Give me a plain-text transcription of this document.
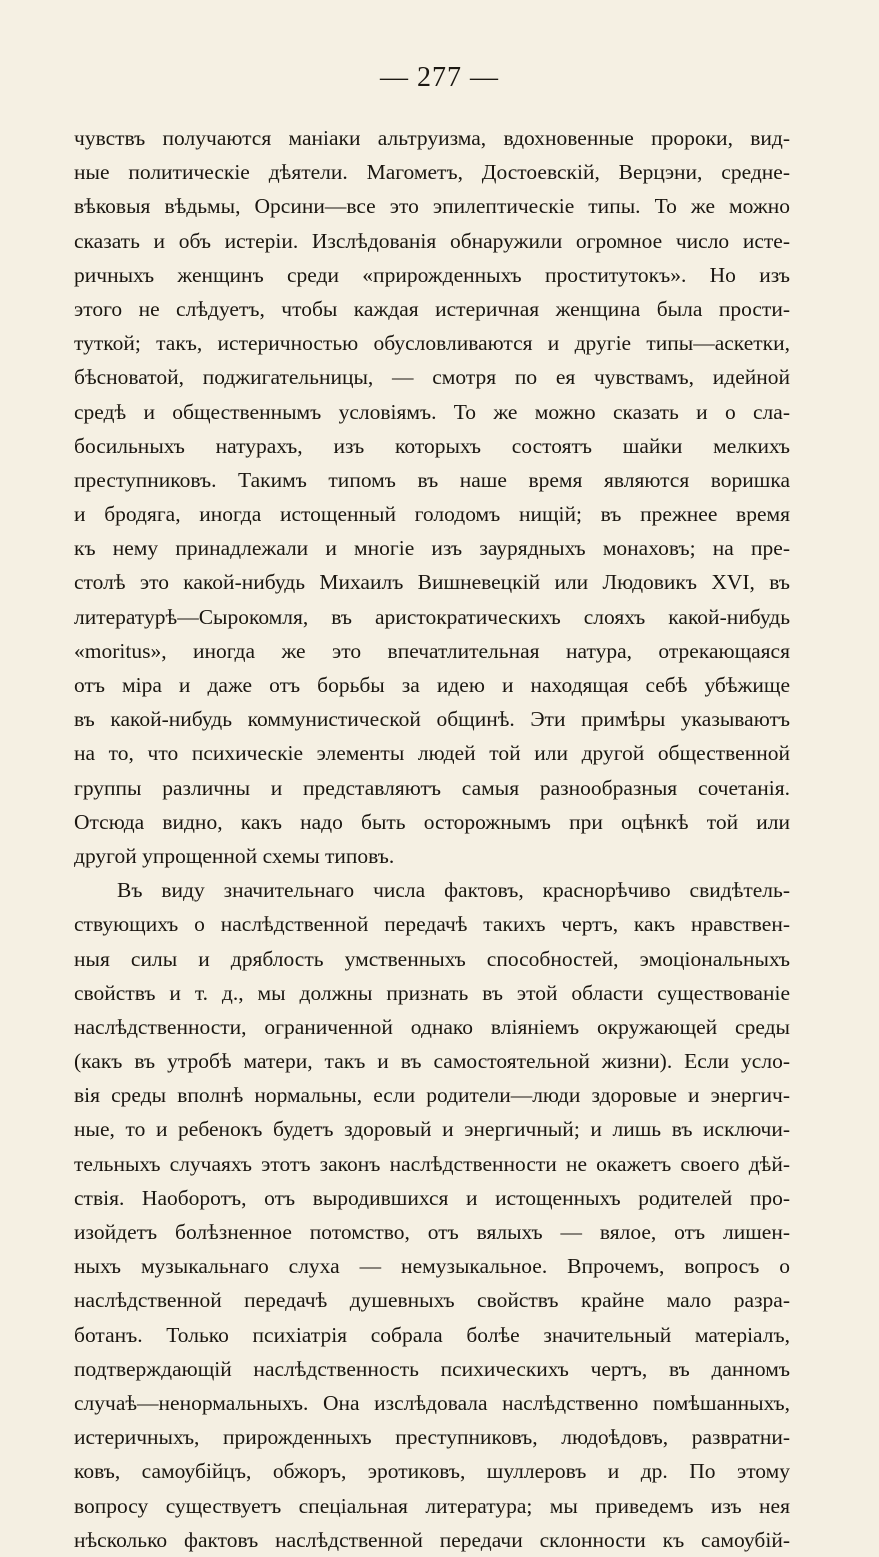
— 277 —
чувствъ получаются маніаки альтруизма, вдохновенные пророки, вид-
ные политическіе дѣятели. Магометъ, Достоевскій, Верцэни, средне-
вѣковыя вѣдьмы, Орсини—все это эпилептическіе типы. То же можно
сказать и объ истеріи. Изслѣдованія обнаружили огромное число исте-
ричныхъ женщинъ среди «прирожденныхъ проститутокъ». Но изъ
этого не слѣдуетъ, чтобы каждая истеричная женщина была прости-
туткой; такъ, истеричностью обусловливаются и другіе типы—аскетки,
бѣсноватой, поджигательницы, — смотря по ея чувствамъ, идейной
средѣ и общественнымъ условіямъ. То же можно сказать и о сла-
босильныхъ натурахъ, изъ которыхъ состоятъ шайки мелкихъ
преступниковъ. Такимъ типомъ въ наше время являются воришка
и бродяга, иногда истощенный голодомъ нищій; въ прежнее время
къ нему принадлежали и многіе изъ заурядныхъ монаховъ; на пре-
столѣ это какой-нибудь Михаилъ Вишневецкій или Людовикъ XVI, въ
литературѣ—Сырокомля, въ аристократическихъ слояхъ какой-нибудь
«moritus», иногда же это впечатлительная натура, отрекающаяся
отъ міра и даже отъ борьбы за идею и находящая себѣ убѣжище
въ какой-нибудь коммунистической общинѣ. Эти примѣры указываютъ
на то, что психическіе элементы людей той или другой общественной
группы различны и представляютъ самыя разнообразныя сочетанія.
Отсюда видно, какъ надо быть осторожнымъ при оцѣнкѣ той или
другой упрощенной схемы типовъ.
Въ виду значительнаго числа фактовъ, краснорѣчиво свидѣтель-
ствующихъ о наслѣдственной передачѣ такихъ чертъ, какъ нравствен-
ныя силы и дряблость умственныхъ способностей, эмоціональныхъ
свойствъ и т. д., мы должны признать въ этой области существованіе
наслѣдственности, ограниченной однако вліяніемъ окружающей среды
(какъ въ утробѣ матери, такъ и въ самостоятельной жизни). Если усло-
вія среды вполнѣ нормальны, если родители—люди здоровые и энергич-
ные, то и ребенокъ будетъ здоровый и энергичный; и лишь въ исключи-
тельныхъ случаяхъ этотъ законъ наслѣдственности не окажетъ своего дѣй-
ствія. Наоборотъ, отъ выродившихся и истощенныхъ родителей про-
изойдетъ болѣзненное потомство, отъ вялыхъ — вялое, отъ лишен-
ныхъ музыкальнаго слуха — немузыкальное. Впрочемъ, вопросъ о
наслѣдственной передачѣ душевныхъ свойствъ крайне мало разра-
ботанъ. Только психіатрія собрала болѣе значительный матеріалъ,
подтверждающій наслѣдственность психическихъ чертъ, въ данномъ
случаѣ—ненормальныхъ. Она изслѣдовала наслѣдственно помѣшанныхъ,
истеричныхъ, прирожденныхъ преступниковъ, людоѣдовъ, развратни-
ковъ, самоубійцъ, обжоръ, эротиковъ, шуллеровъ и др. По этому
вопросу существуетъ спеціальная литература; мы приведемъ изъ нея
нѣсколько фактовъ наслѣдственной передачи склонности къ самоубій-
